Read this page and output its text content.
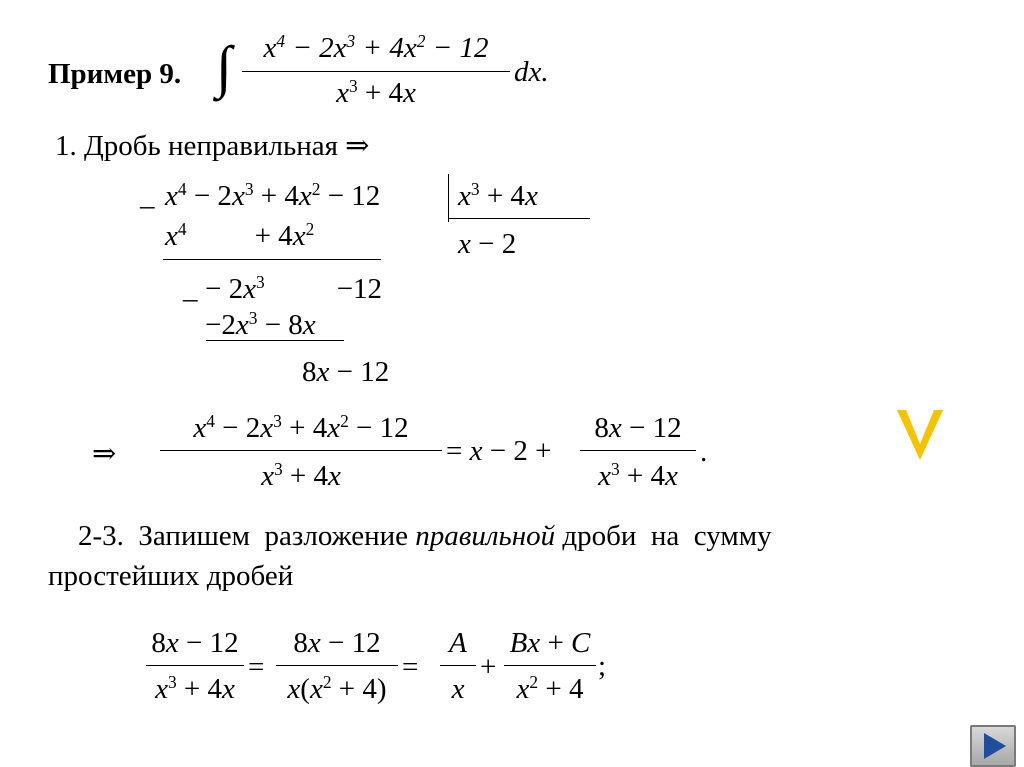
Пример 9. ∫	$x^4 - 2x^3 + 4x^2 - 12$
$x^3 + 4x$
dx.
1. Дробь неправильная ⇒
_ $x^4 - 2x^3 + 4x^2 - 12$	$x^3 + 4x$
x − 2
$x^4 + 4x^2$
_ − $2x^3 -12$
$-2x^3 - 8x$
8x − 12
⇒
$x^4 - 2x^3 + 4x^2 - 12$
$x^3 + 4x$
= x − 2 +
8x − 12
$x^3 + 4x$
.
2-3.  Запишем  разложение правильной дроби  на  сумму
простейших дробей
8x − 12
$x^3 + 4x$
=
8x − 12
$x(x^2 + 4)$
=
A
x
+
Bx + C
$x^2 + 4$
;
